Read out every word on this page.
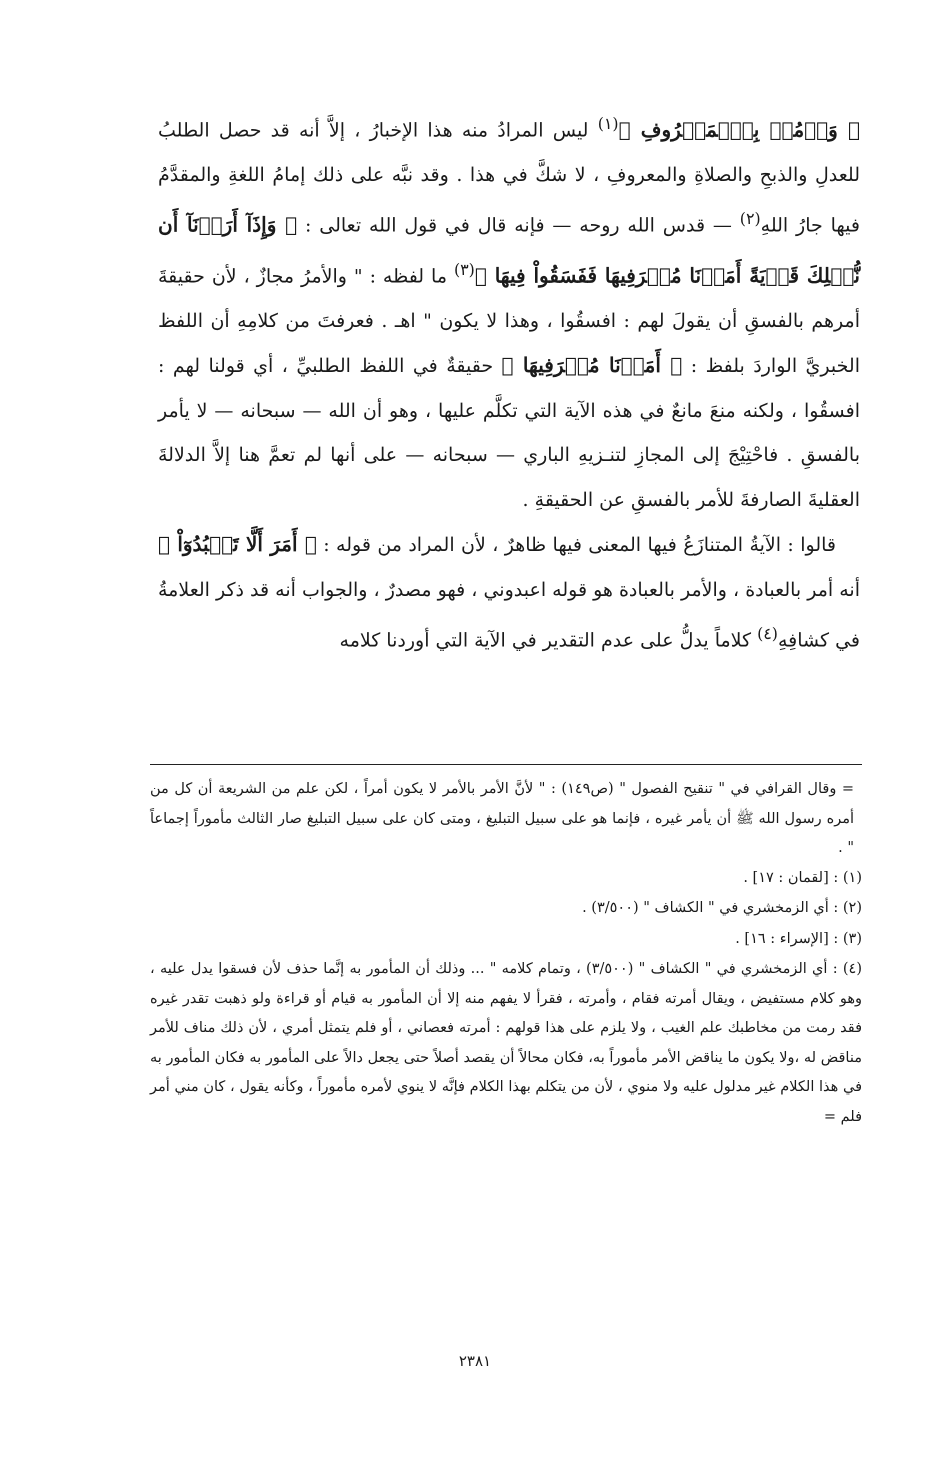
﴿ وَأۡمُرۡ بِٱلۡمَعۡرُوفِ ﴾$^{(١)}$ ليس المرادُ منه هذا الإخبارُ ، إلاَّ أنه قد حصل الطلبُ للعدلِ والذبحِ والصلاةِ والمعروفِ ، لا شكَّ في هذا . وقد نبَّه على ذلك إمامُ اللغةِ والمقدَّمُ فيها جارُ اللهِ$^{(٢)}$ — قدس الله روحه — فإنه قال في قول الله تعالى : ﴿ وَإِذَآ أَرَدۡنَآ أَن نُّهۡلِكَ قَرۡيَةً أَمَرۡنَا مُتۡرَفِيهَا فَفَسَقُواْ فِيهَا ﴾$^{(٣)}$ ما لفظه : " والأمرُ مجازٌ ، لأن حقيقةَ أمرهم بالفسقِ أن يقولَ لهم : افسقُوا ، وهذا لا يكون " اهـ . فعرفتَ من كلامِهِ أن اللفظ الخبريَّ الواردَ بلفظ : ﴿ أَمَرۡنَا مُتۡرَفِيهَا ﴾ حقيقةٌ في اللفظ الطلبيِّ ، أي قولنا لهم : افسقُوا ، ولكنه منعَ مانعٌ في هذه الآية التي تكلَّم عليها ، وهو أن الله — سبحانه — لا يأمر بالفسقِ . فاحْتِيْجَ إلى المجازِ لتنـزيهِ الباري — سبحانه — على أنها لم تعمَّ هنا إلاَّ الدلالةَ العقليةَ الصارفةَ للأمر بالفسقِ عن الحقيقةِ .

قالوا : الآيةُ المتنازَعُ فيها المعنى فيها ظاهرٌ ، لأن المراد من قوله : ﴿ أَمَرَ أَلَّا تَعۡبُدُوٓاْ ﴾ أنه أمر بالعبادة ، والأمر بالعبادة هو قوله اعبدوني ، فهو مصدرٌ ، والجواب أنه قد ذكر العلامةُ في كشافِهِ$^{(٤)}$ كلاماً يدلُّ على عدم التقدير في الآية التي أوردنا كلامه

= وقال القرافي في " تنقيح الفصول " (ص١٤٩) : " لأنَّ الأمر بالأمر لا يكون أمراً ، لكن علم من الشريعة أن كل من أمره رسول الله ﷺ أن يأمر غيره ، فإنما هو على سبيل التبليغ ، ومتى كان على سبيل التبليغ صار الثالث مأموراً إجماعاً " .

(١) : [لقمان : ١٧] .
(٢) : أي الزمخشري في " الكشاف " (٣/٥٠٠) .
(٣) : [الإسراء : ١٦] .
(٤) : أي الزمخشري في " الكشاف " (٣/٥٠٠) ، وتمام كلامه " ... وذلك أن المأمور به إنَّما حذف لأن فسقوا يدل عليه ، وهو كلام مستفيض ، ويقال أمرته فقام ، وأمرته ، فقرأ لا يفهم منه إلا أن المأمور به قيام أو قراءة ولو ذهبت تقدر غيره فقد رمت من مخاطبك علم الغيب ، ولا يلزم على هذا قولهم : أمرته فعصاني ، أو فلم يتمثل أمري ، لأن ذلك مناف للأمر مناقض له ،ولا يكون ما يناقض الأمر مأموراً به، فكان محالاً أن يقصد أصلاً حتى يجعل دالاً على المأمور به فكان المأمور به في هذا الكلام غير مدلول عليه ولا منوي ، لأن من يتكلم بهذا الكلام فإنَّه لا ينوي لأمره مأموراً ، وكأنه يقول ، كان مني أمر فلم =
٢٣٨١
